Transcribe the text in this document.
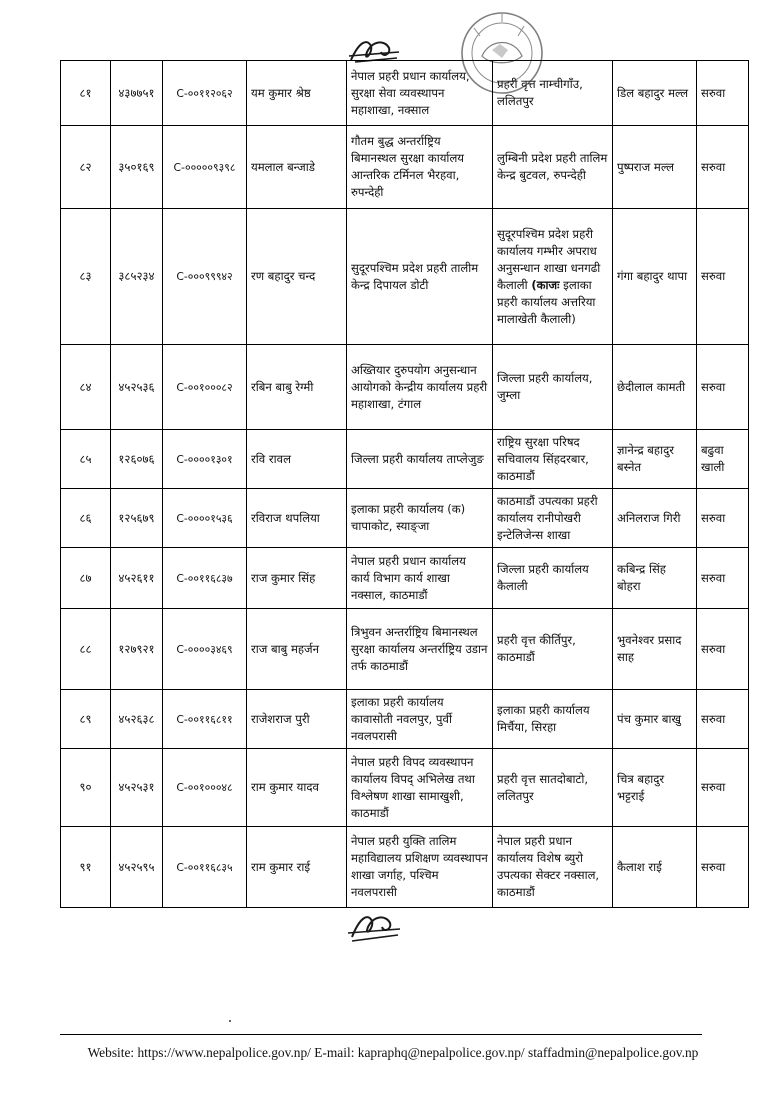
८१	४३७७५१	C-००११२०६२	यम कुमार श्रेष्ठ	नेपाल प्रहरी प्रधान कार्यालय, सुरक्षा सेवा व्यवस्थापन महाशाखा, नक्साल	प्रहरी वृत्त नाम्चीगाँउ, ललितपुर	डिल बहादुर मल्ल	सरुवा
८२	३५०१६९	C-०००००९३९८	यमलाल बन्जाडे	गौतम बुद्ध अन्तर्राष्ट्रिय बिमानस्थल सुरक्षा कार्यालय आन्तरिक टर्मिनल भैरहवा, रुपन्देही	लुम्बिनी प्रदेश प्रहरी तालिम केन्द्र बुटवल, रुपन्देही	पुष्पराज मल्ल	सरुवा
८३	३८५२३४	C-०००९९९४२	रण बहादुर चन्द	सुदूरपश्चिम प्रदेश प्रहरी तालीम केन्द्र दिपायल डोटी	सुदूरपश्चिम प्रदेश प्रहरी कार्यालय गम्भीर अपराध अनुसन्धान शाखा धनगढी कैलाली (काजः इलाका प्रहरी कार्यालय अत्तरिया मालाखेती कैलाली)	गंगा बहादुर थापा	सरुवा
८४	४५२५३६	C-००१०००८२	रबिन बाबु रेग्मी	अख्तियार दुरुपयोग अनुसन्धान आयोगको केन्द्रीय कार्यालय प्रहरी महाशाखा, टंगाल	जिल्ला प्रहरी कार्यालय, जुम्ला	छेदीलाल कामती	सरुवा
८५	१२६०७६	C-००००१३०१	रवि रावल	जिल्ला प्रहरी कार्यालय ताप्लेजुङ	राष्ट्रिय सुरक्षा परिषद सचिवालय सिंहदरबार, काठमाडौं	ज्ञानेन्द्र बहादुर बस्नेत	बढुवा खाली
८६	१२५६७९	C-००००१५३६	रविराज थपलिया	इलाका प्रहरी कार्यालय (क) चापाकोट, स्याङ्जा	काठमाडौं उपत्यका प्रहरी कार्यालय रानीपोखरी इन्टेलिजेन्स शाखा	अनिलराज गिरी	सरुवा
८७	४५२६११	C-००११६८३७	राज कुमार सिंह	नेपाल प्रहरी प्रधान कार्यालय कार्य विभाग कार्य शाखा नक्साल, काठमाडौं	जिल्ला प्रहरी कार्यालय कैलाली	कबिन्द्र सिंह बोहरा	सरुवा
८८	१२७९२१	C-००००३४६९	राज बाबु महर्जन	त्रिभुवन अन्तर्राष्ट्रिय बिमानस्थल सुरक्षा कार्यालय अन्तर्राष्ट्रिय उडान तर्फ काठमाडौं	प्रहरी वृत्त कीर्तिपुर, काठमाडौं	भुवनेश्वर प्रसाद साह	सरुवा
८९	४५२६३८	C-००११६८११	राजेशराज पुरी	इलाका प्रहरी कार्यालय कावासोती नवलपुर, पुर्वी नवलपरासी	इलाका प्रहरी कार्यालय मिर्चैया, सिरहा	पंच कुमार बाखु	सरुवा
९०	४५२५३१	C-००१०००४८	राम कुमार यादव	नेपाल प्रहरी विपद व्यवस्थापन कार्यालय विपद् अभिलेख तथा विश्लेषण शाखा सामाखुशी, काठमाडौं	प्रहरी वृत्त सातदोबाटो, ललितपुर	चित्र बहादुर भट्टराई	सरुवा
९१	४५२५९५	C-००११६८३५	राम कुमार राई	नेपाल प्रहरी युक्ति तालिम महाविद्यालय प्रशिक्षण व्यवस्थापन शाखा जर्गाह, पश्चिम नवलपरासी	नेपाल प्रहरी प्रधान कार्यालय विशेष ब्युरो उपत्यका सेक्टर नक्साल, काठमाडौं	कैलाश राई	सरुवा
Website: https://www.nepalpolice.gov.np/ E-mail: kapraphq@nepalpolice.gov.np/ staffadmin@nepalpolice.gov.np
